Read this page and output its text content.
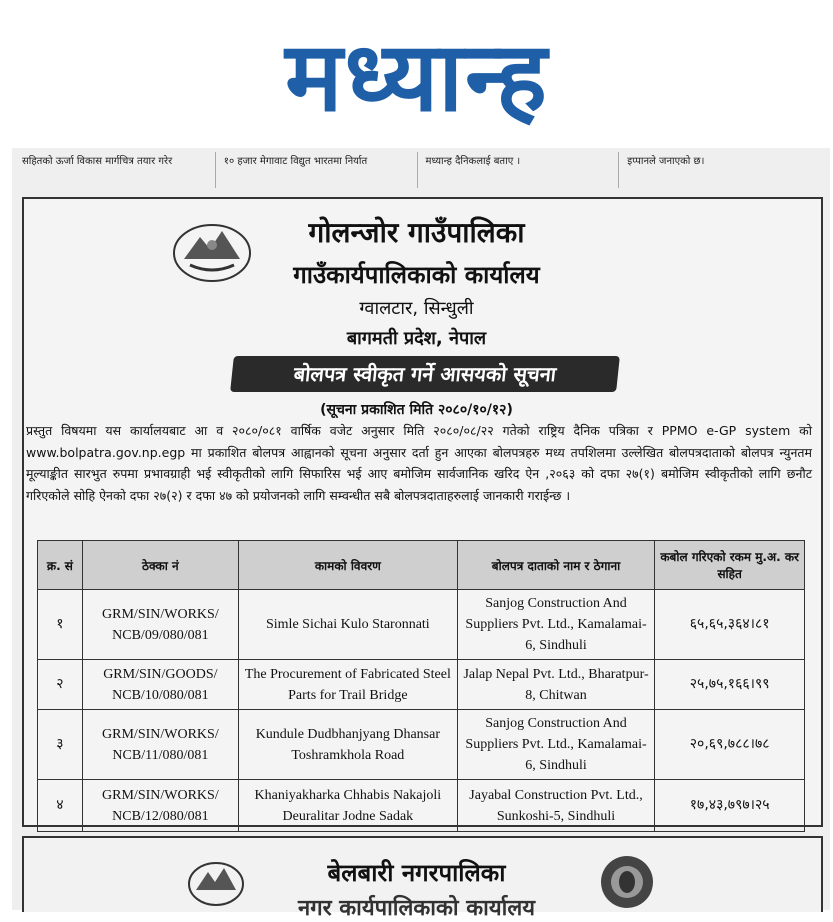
मध्यान्ह
सहितको ऊर्जा विकास मार्गचित्र तयार गरेर	१० हजार मेगावाट विद्युत भारतमा निर्यात	मध्यान्ह दैनिकलाई बताए ।	इप्पानले जनाएको छ।
गोलन्जोर गाउँपालिका
गाउँकार्यपालिकाको कार्यालय
ग्वालटार, सिन्धुली
बागमती प्रदेश, नेपाल
बोलपत्र स्वीकृत गर्ने आसयको सूचना
(सूचना प्रकाशित मिति २०८०/१०/१२)
प्रस्तुत विषयमा यस कार्यालयबाट आ व २०८०/०८१ वार्षिक वजेट अनुसार मिति २०८०/०८/२२ गतेको राष्ट्रिय दैनिक पत्रिका र PPMO e-GP system को www.bolpatra.gov.np.egp मा प्रकाशित बोलपत्र आह्वानको सूचना अनुसार दर्ता हुन आएका बोलपत्रहरु मध्य तपशिलमा उल्लेखित बोलपत्रदाताको बोलपत्र न्युनतम मूल्याङ्कीत सारभुत रुपमा प्रभावग्राही भई स्वीकृतीको लागि सिफारिस भई आए बमोजिम सार्वजानिक खरिद ऐन ,२०६३ को दफा २७(१) बमोजिम स्वीकृतीको लागि छनौट गरिएकोले सोहि ऐनको दफा २७(२) र दफा ४७ को प्रयोजनको लागि सम्वन्धीत सबै बोलपत्रदाताहरुलाई जानकारी गराईन्छ ।
क्र. सं	ठेक्का नं	कामको विवरण	बोलपत्र दाताको नाम र ठेगाना	कबोल गरिएको रकम मु.अ. कर सहित
१	GRM/SIN/WORKS/ NCB/09/080/081	Simle Sichai Kulo Staronnati	Sanjog Construction And Suppliers Pvt. Ltd., Kamalamai-6, Sindhuli	६५,६५,३६४।८१
२	GRM/SIN/GOODS/ NCB/10/080/081	The Procurement of Fabricated Steel Parts for Trail Bridge	Jalap Nepal Pvt. Ltd., Bharatpur-8, Chitwan	२५,७५,१६६।९९
३	GRM/SIN/WORKS/ NCB/11/080/081	Kundule Dudbhanjyang Dhansar Toshramkhola Road	Sanjog Construction And Suppliers Pvt. Ltd., Kamalamai-6, Sindhuli	२०,६९,७८८।७८
४	GRM/SIN/WORKS/ NCB/12/080/081	Khaniyakharka Chhabis Nakajoli Deuralitar Jodne Sadak	Jayabal Construction Pvt. Ltd., Sunkoshi-5, Sindhuli	१७,४३,७९७।२५
बेलबारी नगरपालिका
नगर कार्यपालिकाको कार्यालय
